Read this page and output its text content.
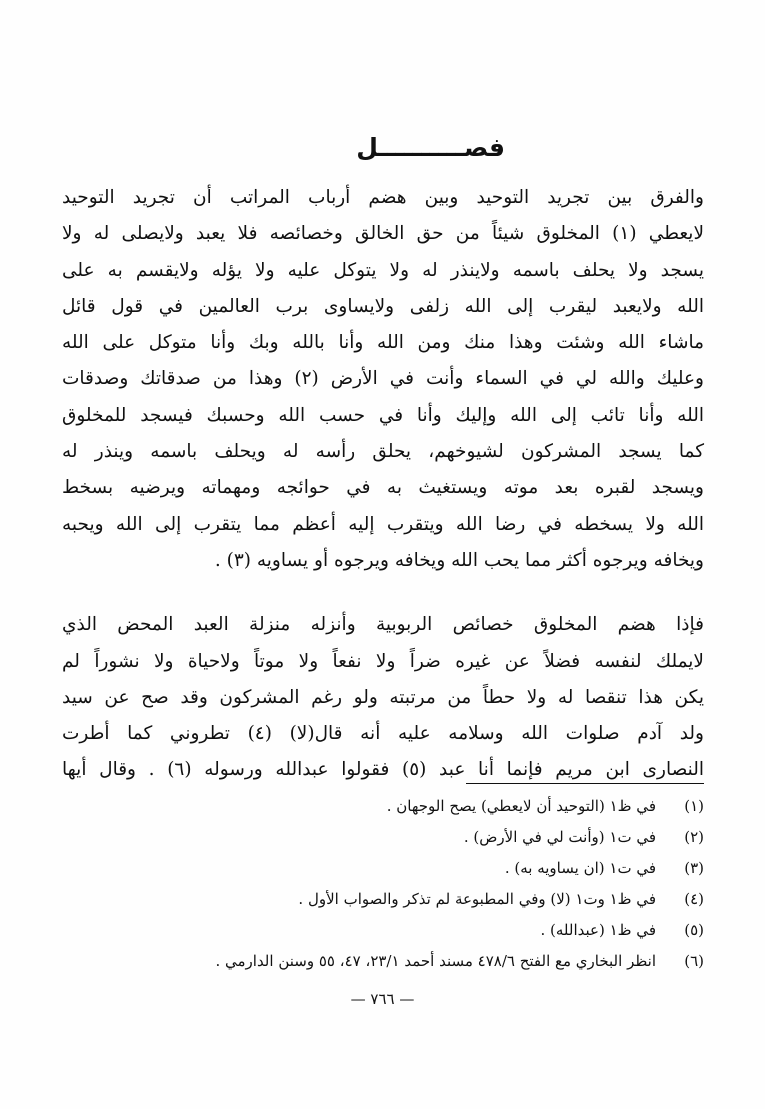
فصــــــــــل
والفرق بين تجريد التوحيد وبين هضم أرباب المراتب أن تجريد التوحيد
لايعطي (١) المخلوق شيئاً من حق الخالق وخصائصه فلا يعبد ولايصلى له ولا
يسجد ولا يحلف باسمه ولاينذر له ولا يتوكل عليه ولا يؤله ولايقسم به على
الله ولايعبد ليقرب إلى الله زلفى ولايساوى برب العالمين في قول قائل
ماشاء الله وشئت وهذا منك ومن الله وأنا بالله وبك وأنا متوكل على الله
وعليك والله لي في السماء وأنت في الأرض (٢) وهذا من صدقاتك وصدقات
الله وأنا تائب إلى الله وإليك وأنا في حسب الله وحسبك فيسجد للمخلوق
كما يسجد المشركون لشيوخهم، يحلق رأسه له ويحلف باسمه وينذر له
ويسجد لقبره بعد موته ويستغيث به في حوائجه ومهماته ويرضيه بسخط
الله ولا يسخطه في رضا الله ويتقرب إليه أعظم مما يتقرب إلى الله ويحبه
ويخافه ويرجوه أكثر مما يحب الله ويخافه ويرجوه أو يساويه (٣) .
فإذا هضم المخلوق خصائص الربوبية وأنزله منزلة العبد المحض الذي
لايملك لنفسه فضلاً عن غيره ضراً ولا نفعاً ولا موتاً ولاحياة ولا نشوراً لم
يكن هذا تنقصا له ولا حطاً من مرتبته ولو رغم المشركون وقد صح عن سيد
ولد آدم صلوات الله وسلامه عليه أنه قال(لا) (٤) تطروني كما أطرت
النصارى ابن مريم فإنما أنا عبد (٥) فقولوا عبدالله ورسوله (٦) . وقال أيها
(١)
في ظ١ (التوحيد أن لايعطي) يصح الوجهان .
(٢)
في ت١ (وأنت لي في الأرض) .
(٣)
في ت١ (ان يساويه به) .
(٤)
في ظ١ وت١ (لا) وفي المطبوعة لم تذكر والصواب الأول .
(٥)
في ظ١ (عبدالله) .
(٦)
انظر البخاري مع الفتح ٤٧٨/٦ مسند أحمد ٢٣/١، ٤٧، ٥٥ وسنن الدارمي .
— ٧٦٦ —
